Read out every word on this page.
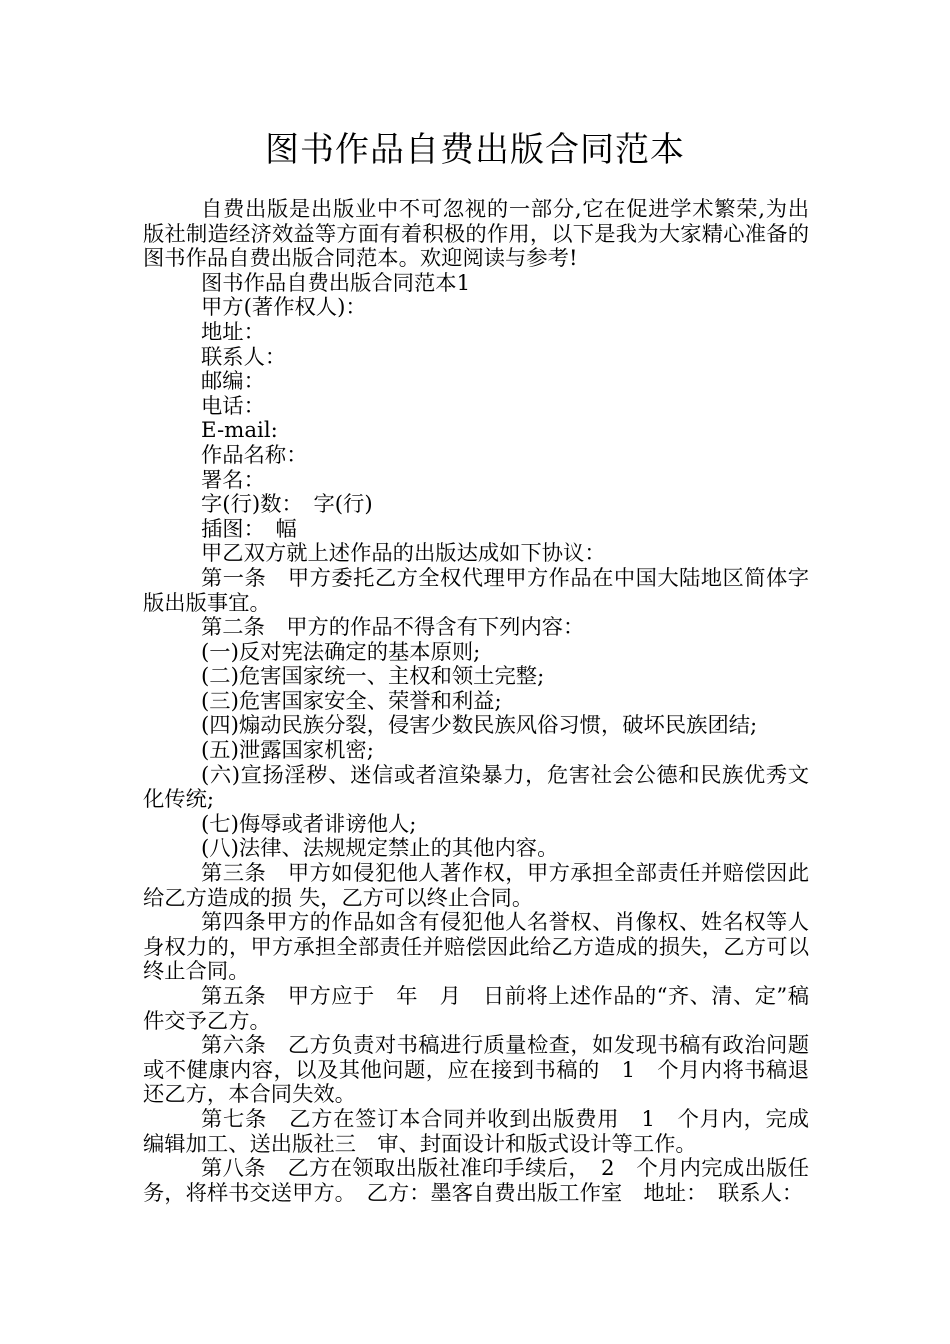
图书作品自费出版合同范本

自费出版是出版业中不可忽视的一部分,它在促进学术繁荣,为出版社制造经济效益等方面有着积极的作用，以下是我为大家精心准备的图书作品自费出版合同范本。欢迎阅读与参考!

图书作品自费出版合同范本1

甲方(著作权人)：

地址：

联系人：

邮编：

电话：

E-mail:

作品名称：

署名：

字(行)数：　字(行)

插图：　幅

甲乙双方就上述作品的出版达成如下协议：

第一条　甲方委托乙方全权代理甲方作品在中国大陆地区简体字版出版事宜。

第二条　甲方的作品不得含有下列内容：

(一)反对宪法确定的基本原则;

(二)危害国家统一、主权和领土完整;

(三)危害国家安全、荣誉和利益;

(四)煽动民族分裂，侵害少数民族风俗习惯，破坏民族团结;

(五)泄露国家机密;

(六)宣扬淫秽、迷信或者渲染暴力，危害社会公德和民族优秀文化传统;

(七)侮辱或者诽谤他人;

(八)法律、法规规定禁止的其他内容。

第三条　甲方如侵犯他人著作权，甲方承担全部责任并赔偿因此给乙方造成的损 失，乙方可以终止合同。

第四条甲方的作品如含有侵犯他人名誉权、肖像权、姓名权等人身权力的，甲方承担全部责任并赔偿因此给乙方造成的损失，乙方可以终止合同。

第五条　甲方应于　年　月　日前将上述作品的“齐、清、定”稿件交予乙方。

第六条　乙方负责对书稿进行质量检查，如发现书稿有政治问题或不健康内容，以及其他问题，应在接到书稿的　1　个月内将书稿退还乙方，本合同失效。

第七条　乙方在签订本合同并收到出版费用　1　个月内，完成编辑加工、送出版社三　审、封面设计和版式设计等工作。

第八条　乙方在领取出版社准印手续后，　2　个月内完成出版任务，将样书交送甲方。　乙方：墨客自费出版工作室　地址：　联系人：
